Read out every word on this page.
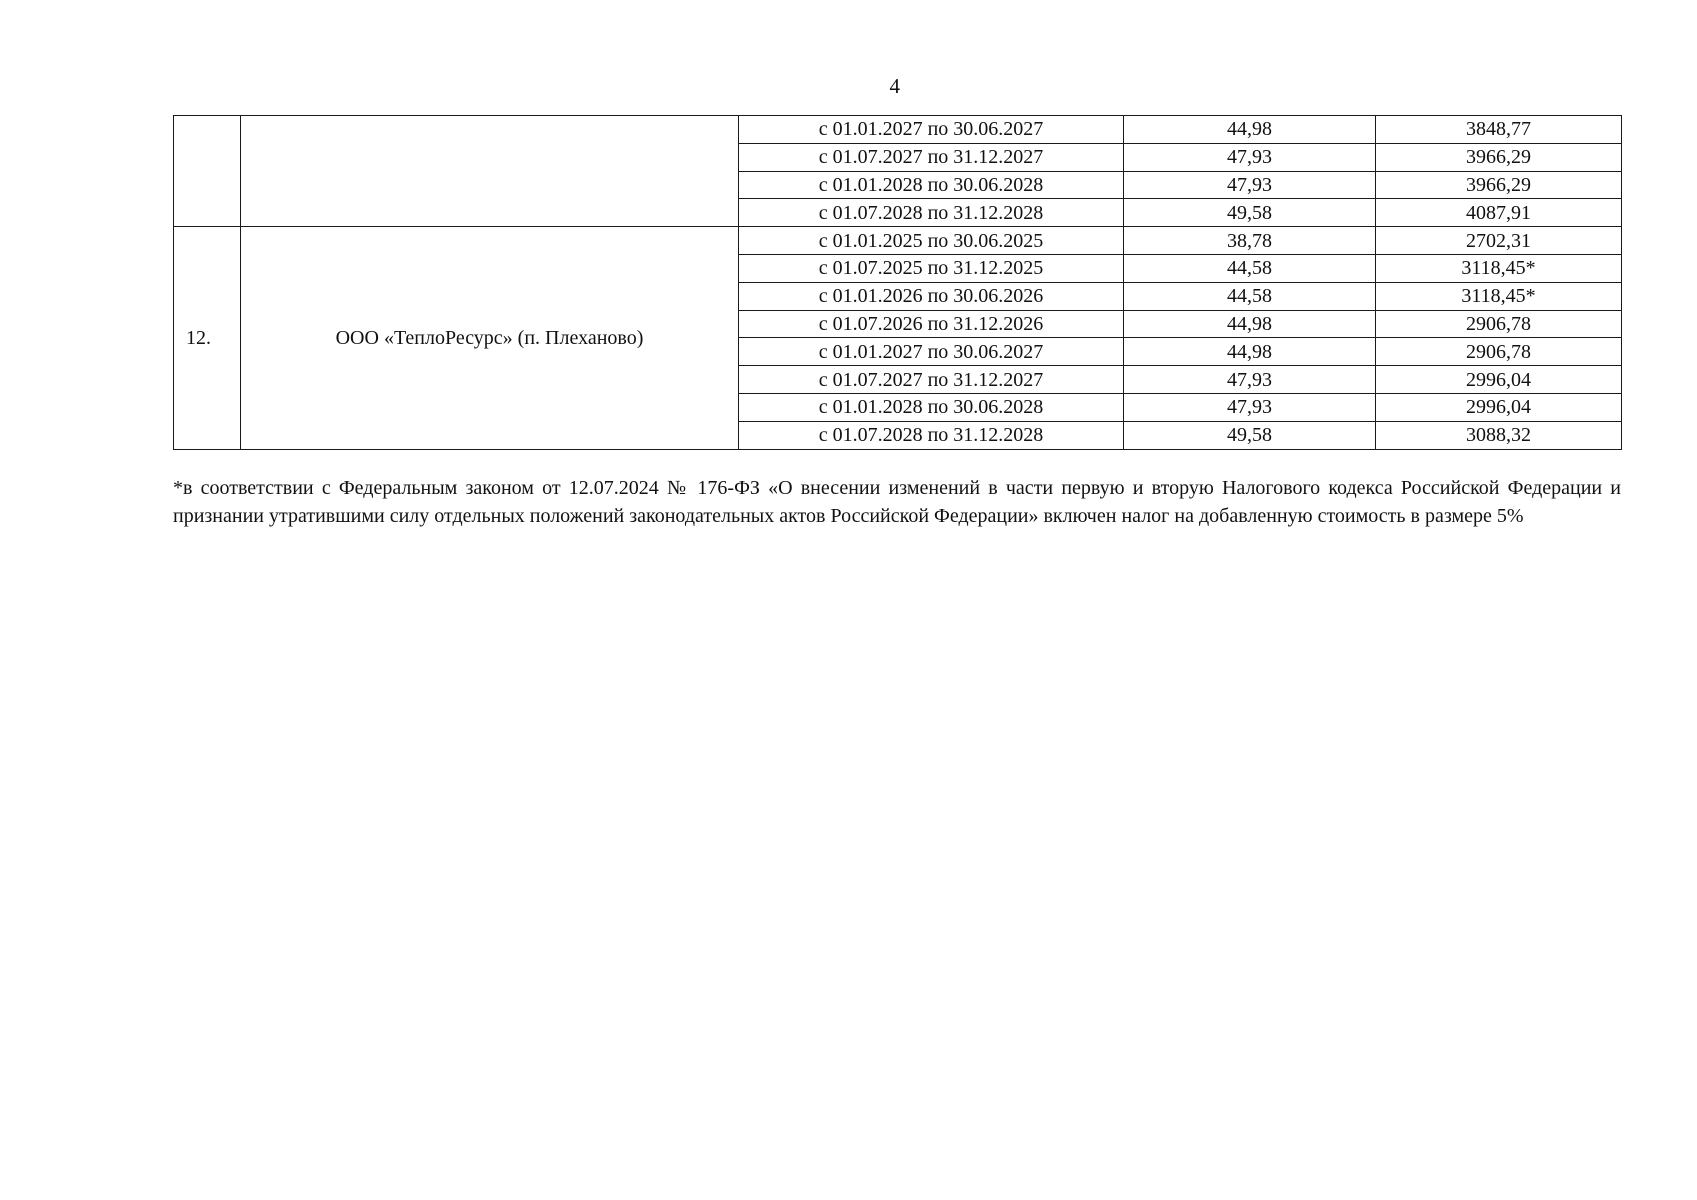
4
		с 01.01.2027 по 30.06.2027	44,98	3848,77
		с 01.07.2027 по 31.12.2027	47,93	3966,29
		с 01.01.2028 по 30.06.2028	47,93	3966,29
		с 01.07.2028 по 31.12.2028	49,58	4087,91
12.	ООО «ТеплоРесурс» (п. Плеханово)	с 01.01.2025 по 30.06.2025	38,78	2702,31
		с 01.07.2025 по 31.12.2025	44,58	3118,45*
		с 01.01.2026 по 30.06.2026	44,58	3118,45*
		с 01.07.2026 по 31.12.2026	44,98	2906,78
		с 01.01.2027 по 30.06.2027	44,98	2906,78
		с 01.07.2027 по 31.12.2027	47,93	2996,04
		с 01.01.2028 по 30.06.2028	47,93	2996,04
		с 01.07.2028 по 31.12.2028	49,58	3088,32
*в соответствии с Федеральным законом от 12.07.2024 № 176-ФЗ «О внесении изменений в части первую и вторую Налогового кодекса Российской Федерации и признании утратившими силу отдельных положений законодательных актов Российской Федерации» включен налог на добавленную стоимость в размере 5%
